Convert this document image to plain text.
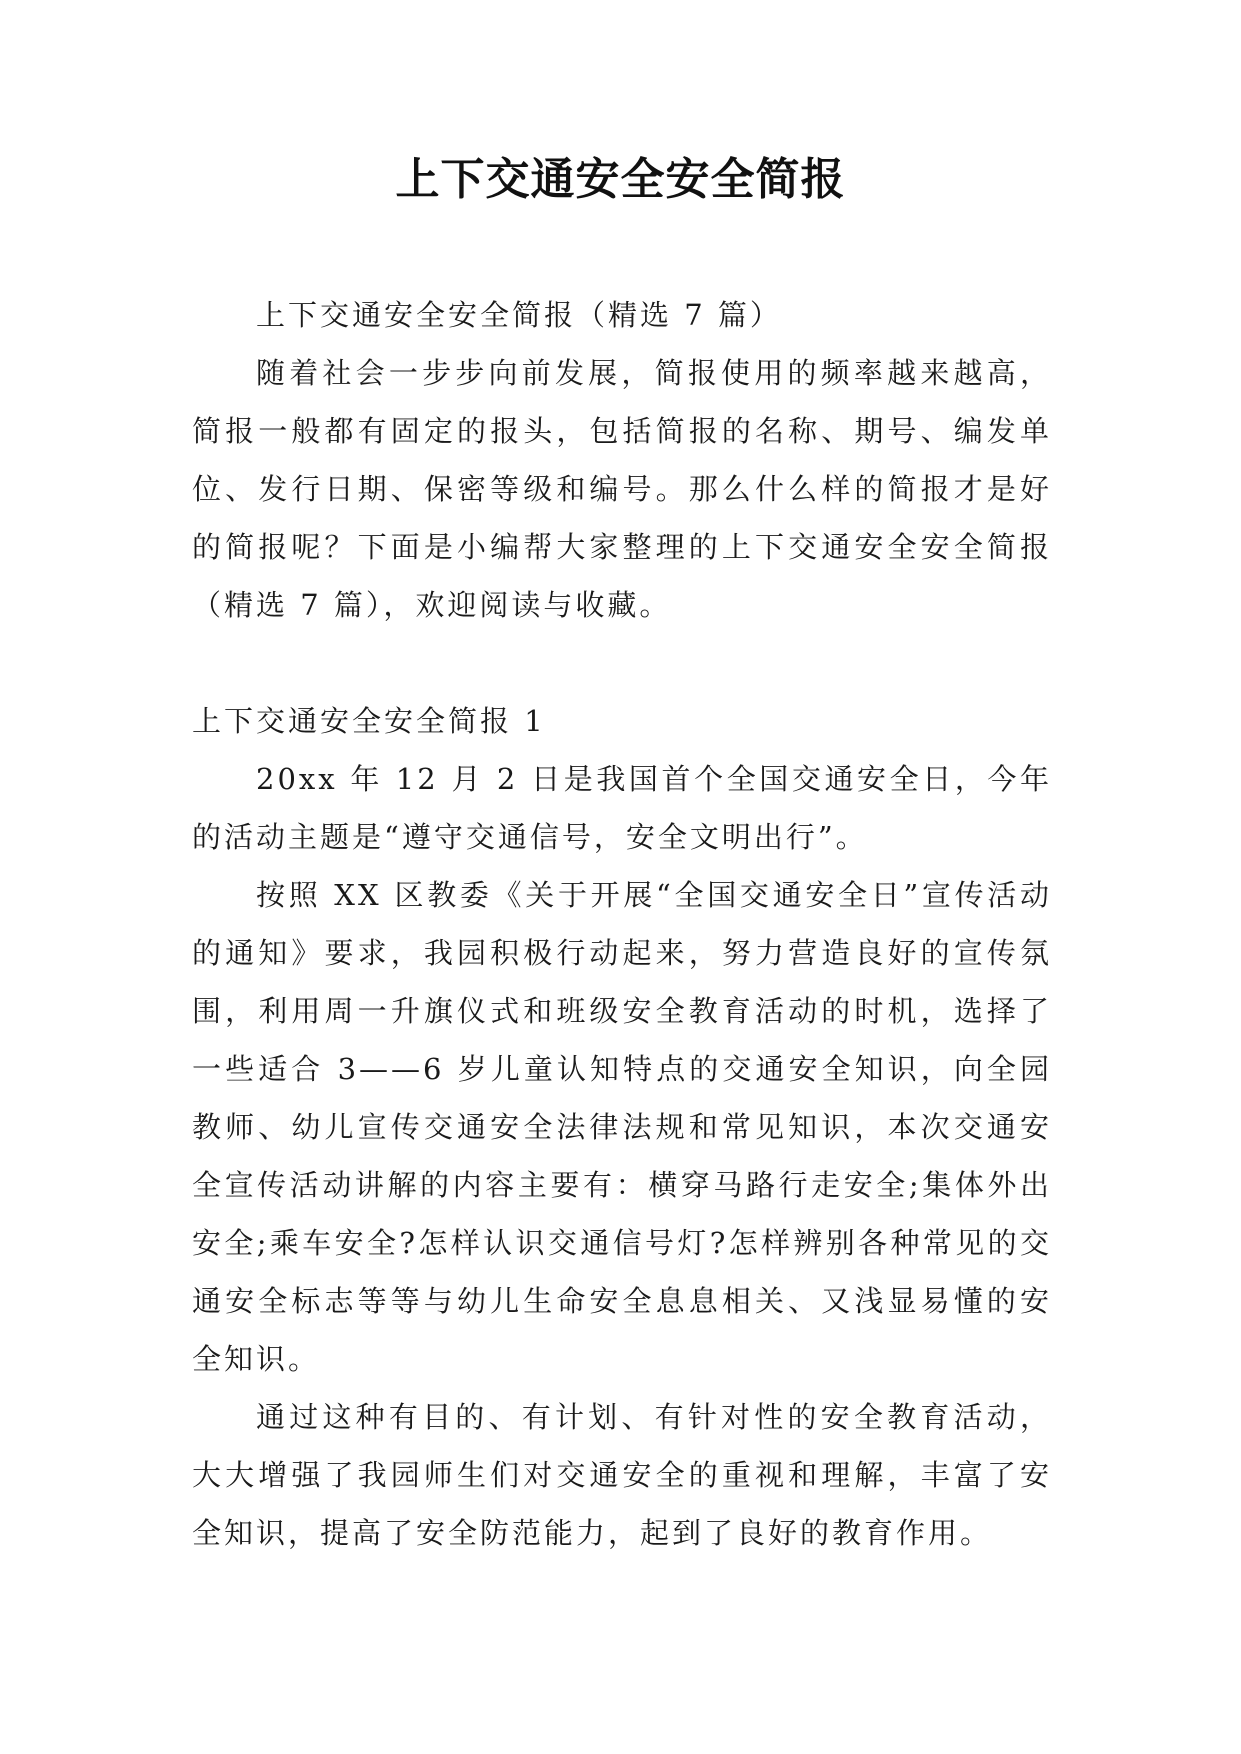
上下交通安全安全简报

上下交通安全安全简报（精选 7 篇）

随着社会一步步向前发展，简报使用的频率越来越高，简报一般都有固定的报头，包括简报的名称、期号、编发单位、发行日期、保密等级和编号。那么什么样的简报才是好的简报呢？下面是小编帮大家整理的上下交通安全安全简报（精选 7 篇），欢迎阅读与收藏。

上下交通安全安全简报 1

20xx 年 12 月 2 日是我国首个全国交通安全日，今年的活动主题是“遵守交通信号，安全文明出行”。

按照 XX 区教委《关于开展“全国交通安全日”宣传活动的通知》要求，我园积极行动起来，努力营造良好的宣传氛围，利用周一升旗仪式和班级安全教育活动的时机，选择了一些适合 3——6 岁儿童认知特点的交通安全知识，向全园教师、幼儿宣传交通安全法律法规和常见知识，本次交通安全宣传活动讲解的内容主要有：横穿马路行走安全;集体外出安全;乘车安全?怎样认识交通信号灯?怎样辨别各种常见的交通安全标志等等与幼儿生命安全息息相关、又浅显易懂的安全知识。

通过这种有目的、有计划、有针对性的安全教育活动，大大增强了我园师生们对交通安全的重视和理解，丰富了安全知识，提高了安全防范能力，起到了良好的教育作用。
